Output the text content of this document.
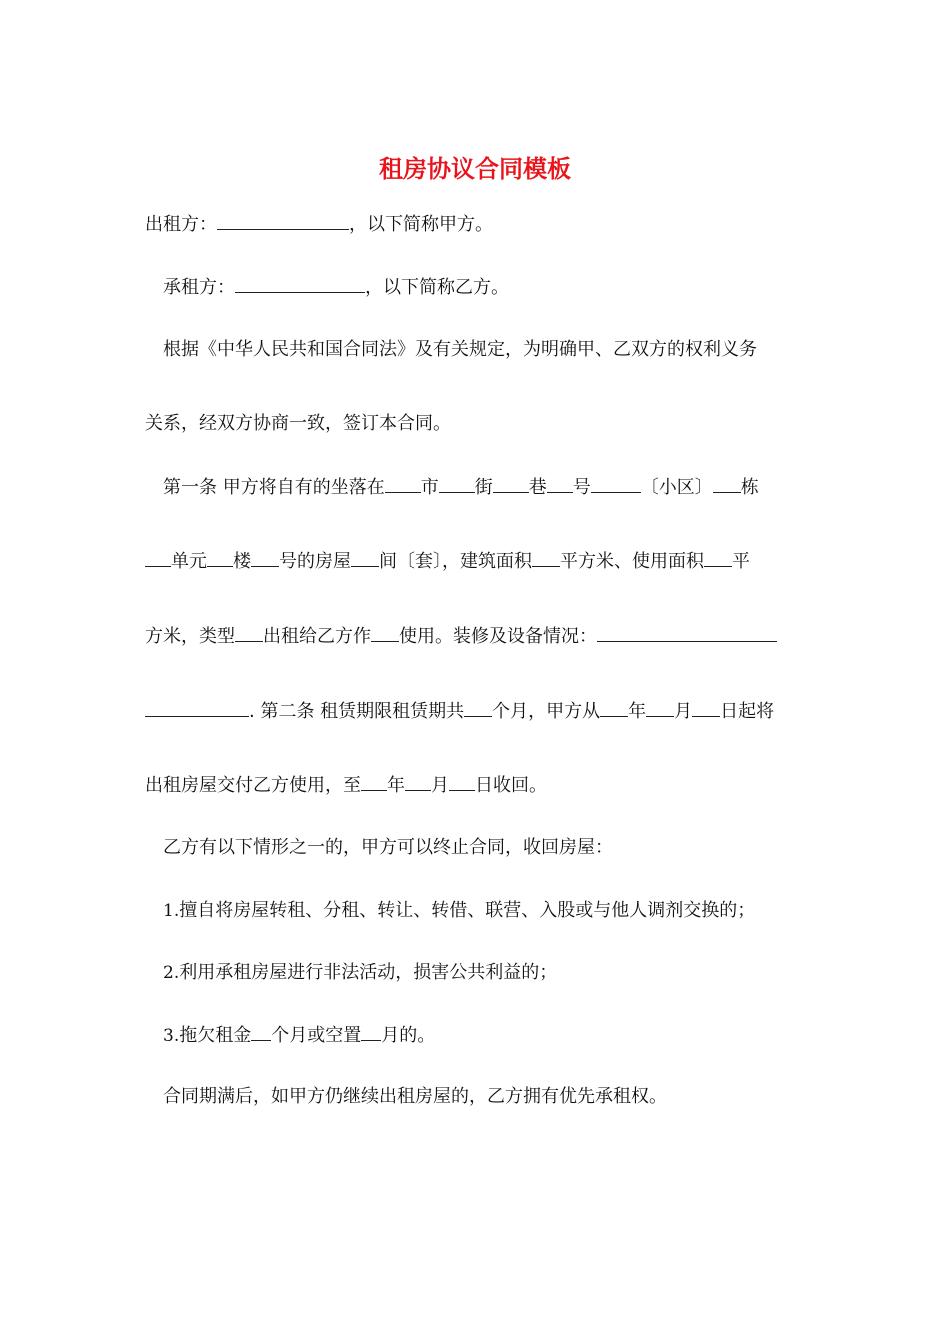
租房协议合同模板
出租方：	，以下简称甲方。
承租方：	，以下简称乙方。
根据《中华人民共和国合同法》及有关规定，为明确甲、乙双方的权利义务
关系，经双方协商一致，签订本合同。
第一条 甲方将自有的坐落在 市 街 巷 号	〔小区〕 栋
单元 楼 号的房屋 间〔套〕，建筑面积 平方米、使用面积 平
方米，类型 出租给乙方作 使用。装修及设备情况：
. 第二条 租赁期限租赁期共 个月，甲方从 年 月 日起将
出租房屋交付乙方使用，至 年 月 日收回。
乙方有以下情形之一的，甲方可以终止合同，收回房屋：
1.擅自将房屋转租、分租、转让、转借、联营、入股或与他人调剂交换的；
2.利用承租房屋进行非法活动，损害公共利益的；
3.拖欠租金 个月或空置 月的。
合同期满后，如甲方仍继续出租房屋的，乙方拥有优先承租权。
